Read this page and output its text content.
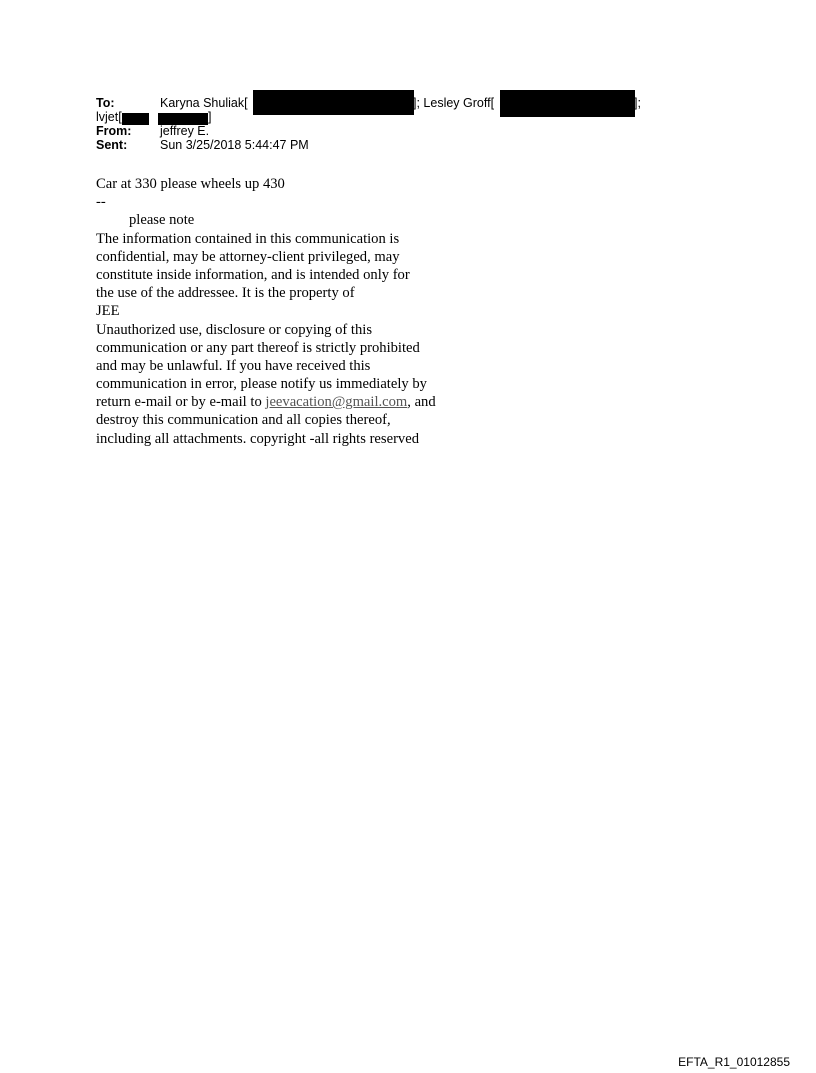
To:	Karyna Shuliak[	]; Lesley Groff[	];
lvjet[	]
From: jeffrey E.
Sent:	Sun 3/25/2018 5:44:47 PM
Car at 330 please wheels up 430
--
please note
The information contained in this communication is
confidential, may be attorney-client privileged, may
constitute inside information, and is intended only for
the use of the addressee. It is the property of
JEE
Unauthorized use, disclosure or copying of this
communication or any part thereof is strictly prohibited
and may be unlawful. If you have received this
communication in error, please notify us immediately by
return e-mail or by e-mail to jeevacation@gmail.com, and
destroy this communication and all copies thereof,
including all attachments. copyright -all rights reserved
EFTA_R1_01012855
